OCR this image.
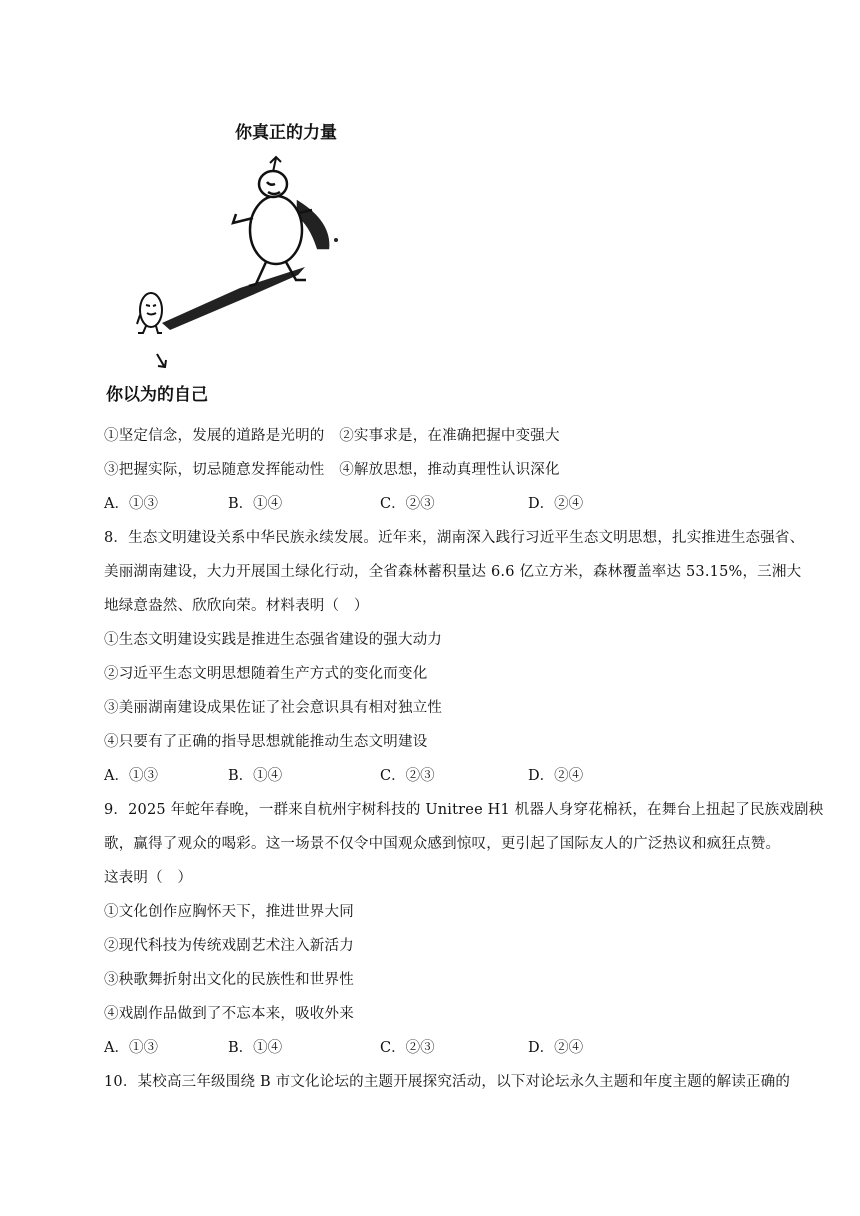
你真正的力量
你以为的自己
①坚定信念，发展的道路是光明的　②实事求是，在准确把握中变强大
③把握实际，切忌随意发挥能动性　④解放思想，推动真理性认识深化
A．①③	B．①④	C．②③	D．②④
8．生态文明建设关系中华民族永续发展。近年来，湖南深入践行习近平生态文明思想，扎实推进生态强省、
美丽湖南建设，大力开展国土绿化行动，全省森林蓄积量达 6.6 亿立方米，森林覆盖率达 53.15%，三湘大
地绿意盎然、欣欣向荣。材料表明（　）
①生态文明建设实践是推进生态强省建设的强大动力
②习近平生态文明思想随着生产方式的变化而变化
③美丽湖南建设成果佐证了社会意识具有相对独立性
④只要有了正确的指导思想就能推动生态文明建设
A．①③	B．①④	C．②③	D．②④
9．2025 年蛇年春晚，一群来自杭州宇树科技的 Unitree H1 机器人身穿花棉袄，在舞台上扭起了民族戏剧秧
歌，赢得了观众的喝彩。这一场景不仅令中国观众感到惊叹，更引起了国际友人的广泛热议和疯狂点赞。
这表明（　）
①文化创作应胸怀天下，推进世界大同
②现代科技为传统戏剧艺术注入新活力
③秧歌舞折射出文化的民族性和世界性
④戏剧作品做到了不忘本来，吸收外来
A．①③	B．①④	C．②③	D．②④
10．某校高三年级围绕 B 市文化论坛的主题开展探究活动，以下对论坛永久主题和年度主题的解读正确的
